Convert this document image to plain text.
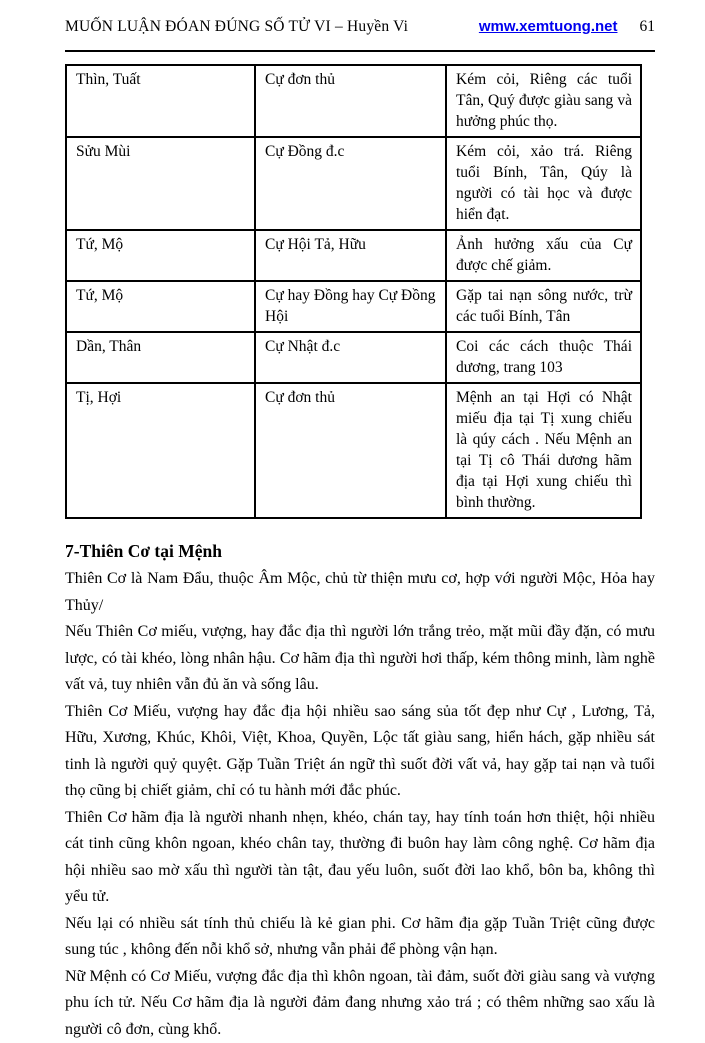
MUỐN LUẬN ĐÓAN ĐÚNG SỐ TỬ VI – Huyền Vi	wmw.xemtuong.net 61
Thìn, Tuất	Cự đơn thủ	Kém cỏi, Riêng các tuổi Tân, Quý được giàu sang và hưởng phúc thọ.
Sửu Mùi	Cự Đồng đ.c	Kém cỏi, xảo trá. Riêng tuổi Bính, Tân, Qúy là người có tài học và được hiển đạt.
Tứ, Mộ	Cự Hội Tả, Hữu	Ảnh hưởng xấu của Cự được chế giảm.
Tứ, Mộ	Cự hay Đồng hay Cự Đồng Hội	Gặp tai nạn sông nước, trừ các tuổi Bính, Tân
Dần, Thân	Cự Nhật đ.c	Coi các cách thuộc Thái dương, trang 103
Tị, Hợi	Cự đơn thủ	Mệnh an tại Hợi có Nhật miếu địa tại Tị xung chiếu là qúy cách . Nếu Mệnh an tại Tị cô Thái dương hãm địa tại Hợi xung chiếu thì bình thường.
7-Thiên Cơ tại Mệnh

Thiên Cơ là Nam Đẩu, thuộc Âm Mộc, chủ từ thiện mưu cơ, hợp với người Mộc, Hỏa hay Thủy/

Nếu Thiên Cơ miếu, vượng, hay đắc địa thì người lớn trắng trẻo, mặt mũi đầy đặn, có mưu lược, có tài khéo, lòng nhân hậu. Cơ hãm địa thì người hơi thấp, kém thông minh, làm nghề vất vả, tuy nhiên vẫn đủ ăn và sống lâu.

Thiên Cơ Miếu, vượng hay đắc địa hội nhiều sao sáng sủa tốt đẹp như Cự , Lương, Tả, Hữu, Xương, Khúc, Khôi, Việt, Khoa, Quyền, Lộc tất giàu sang, hiển hách, gặp nhiều sát tinh là người quỷ quyệt. Gặp Tuần Triệt án ngữ thì suốt đời vất vả, hay gặp tai nạn và tuổi thọ cũng bị chiết giảm, chỉ có tu hành mới đắc phúc.

Thiên Cơ hãm địa là người nhanh nhẹn, khéo, chán tay, hay tính toán hơn thiệt, hội nhiều cát tinh cũng khôn ngoan, khéo chân tay, thường đi buôn hay làm công nghệ. Cơ hãm địa hội nhiều sao mờ xấu thì người tàn tật, đau yếu luôn, suốt đời lao khổ, bôn ba, không thì yểu tử.

Nếu lại có nhiều sát tính thủ chiếu là kẻ gian phi. Cơ hãm địa gặp Tuần Triệt cũng được sung túc , không đến nỗi khổ sở, nhưng vẫn phải để phòng vận hạn.

Nữ Mệnh có Cơ Miếu, vượng đắc địa thì khôn ngoan, tài đảm, suốt đời giàu sang và vượng phu ích tử. Nếu Cơ hãm địa là người đảm đang nhưng xảo trá ; có thêm những sao xấu là người cô đơn, cùng khổ.
